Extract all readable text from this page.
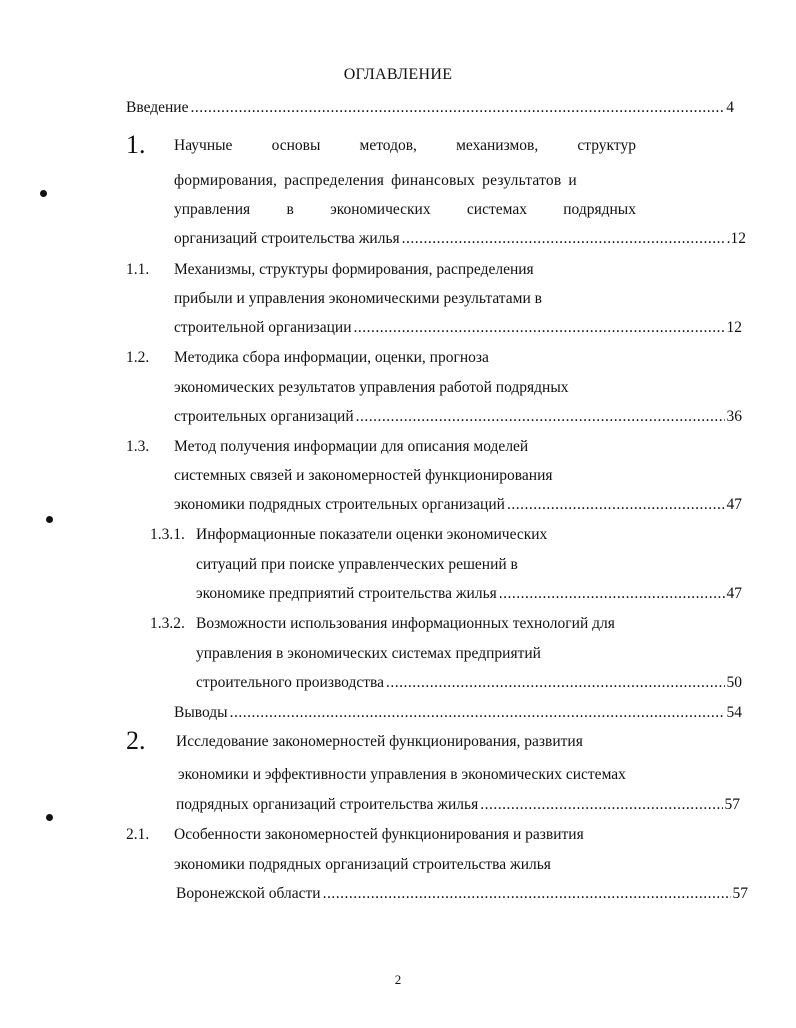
ОГЛАВЛЕНИЕ
Введение .....	4
1. Научные	основы	методов,	механизмов,	структур
формирования, распределения финансовых результатов и
управления в экономических системах подрядных
организаций строительства жилья .....	.12
1.1. Механизмы, структуры формирования, распределения
прибыли и управления экономическими результатами в
строительной организации .....	12
1.2. Методика сбора информации, оценки, прогноза
экономических результатов управления работой подрядных
строительных организаций .....	36
1.3. Метод получения информации для описания моделей
системных связей и закономерностей функционирования
экономики подрядных строительных организаций .....	47
1.3.1. Информационные показатели оценки экономических
ситуаций при поиске управленческих решений в
экономике предприятий строительства жилья .....	47
1.3.2. Возможности использования информационных технологий для
управления в экономических системах предприятий
строительного производства .....	50
Выводы .....	54
2. Исследование закономерностей функционирования, развития
экономики и эффективности управления в экономических системах
подрядных организаций строительства жилья .....	57
2.1. Особенности закономерностей функционирования и развития
экономики подрядных организаций строительства жилья
Воронежской области .....	57
2
